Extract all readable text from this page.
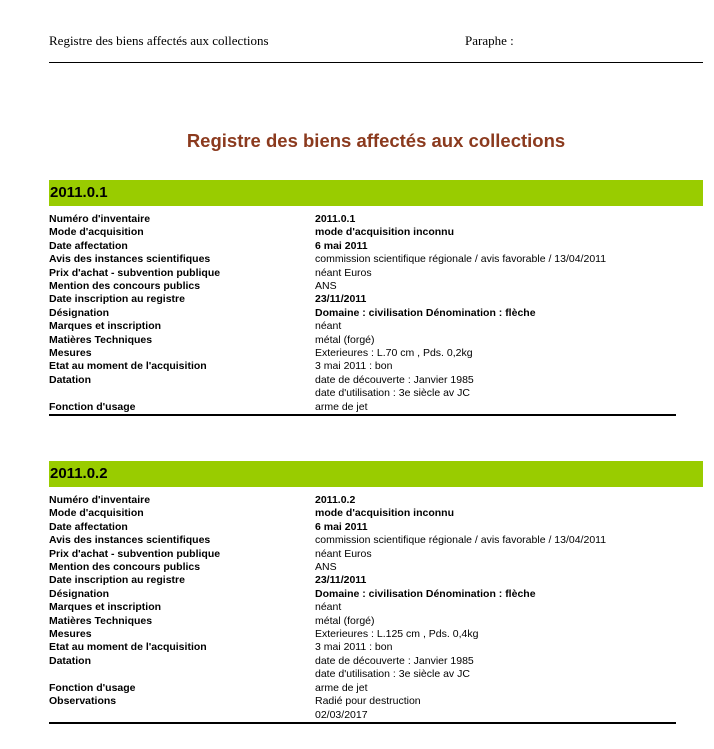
Registre des biens affectés aux collections	Paraphe :
Registre des biens affectés aux collections
2011.0.1
Numéro d'inventaire	2011.0.1
Mode d'acquisition	mode d'acquisition inconnu
Date affectation	6 mai 2011
Avis des instances scientifiques	commission scientifique régionale / avis favorable / 13/04/2011
Prix d'achat - subvention publique	néant Euros
Mention des concours publics	ANS
Date inscription au registre	23/11/2011
Désignation	Domaine : civilisation Dénomination : flèche
Marques et inscription	néant
Matières Techniques	métal (forgé)
Mesures	Exterieures : L.70 cm , Pds. 0,2kg
Etat au moment de l'acquisition	3 mai 2011 : bon
Datation	date de découverte : Janvier 1985
date d'utilisation : 3e siècle av JC
Fonction d'usage	arme de jet
2011.0.2
Numéro d'inventaire	2011.0.2
Mode d'acquisition	mode d'acquisition inconnu
Date affectation	6 mai 2011
Avis des instances scientifiques	commission scientifique régionale / avis favorable / 13/04/2011
Prix d'achat - subvention publique	néant Euros
Mention des concours publics	ANS
Date inscription au registre	23/11/2011
Désignation	Domaine : civilisation Dénomination : flèche
Marques et inscription	néant
Matières Techniques	métal (forgé)
Mesures	Exterieures : L.125 cm , Pds. 0,4kg
Etat au moment de l'acquisition	3 mai 2011 : bon
Datation	date de découverte : Janvier 1985
date d'utilisation : 3e siècle av JC
Fonction d'usage	arme de jet
Observations	Radié pour destruction
02/03/2017
